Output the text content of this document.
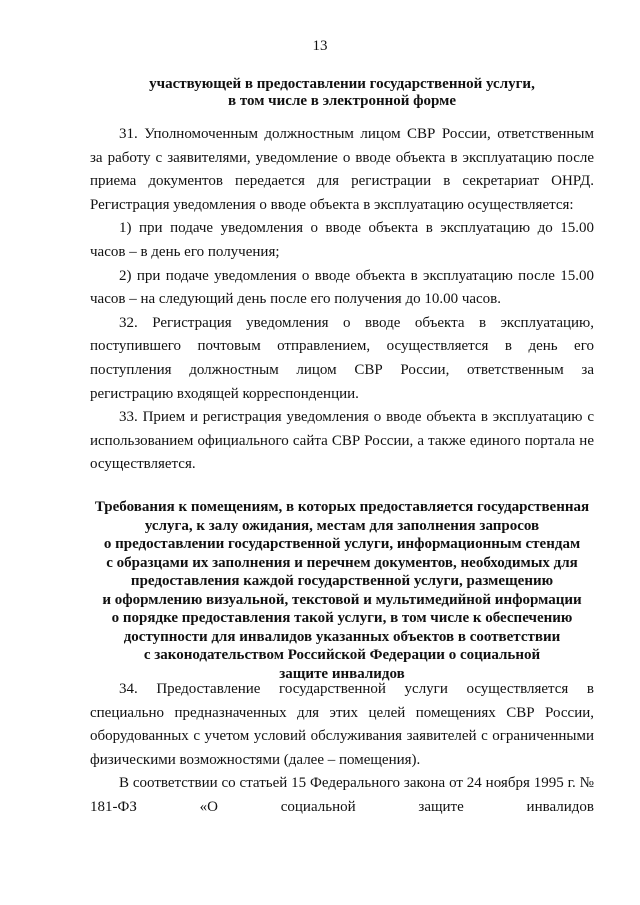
13
участвующей в предоставлении государственной услуги,
в том числе в электронной форме

31. Уполномоченным должностным лицом СВР России, ответственным за работу с заявителями, уведомление о вводе объекта в эксплуатацию после приема документов передается для регистрации в секретариат ОНРД. Регистрация уведомления о вводе объекта в эксплуатацию осуществляется:

1) при подаче уведомления о вводе объекта в эксплуатацию до 15.00 часов – в день его получения;

2) при подаче уведомления о вводе объекта в эксплуатацию после 15.00 часов – на следующий день после его получения до 10.00 часов.

32. Регистрация уведомления о вводе объекта в эксплуатацию, поступившего почтовым отправлением, осуществляется в день его поступления должностным лицом СВР России, ответственным за регистрацию входящей корреспонденции.

33. Прием и регистрация уведомления о вводе объекта в эксплуатацию с использованием официального сайта СВР России, а также единого портала не осуществляется.

Требования к помещениям, в которых предоставляется государственная
услуга, к залу ожидания, местам для заполнения запросов
о предоставлении государственной услуги, информационным стендам
с образцами их заполнения и перечнем документов, необходимых для
предоставления каждой государственной услуги, размещению
и оформлению визуальной, текстовой и мультимедийной информации
о порядке предоставления такой услуги, в том числе к обеспечению
доступности для инвалидов указанных объектов в соответствии
с законодательством Российской Федерации о социальной
защите инвалидов

34. Предоставление государственной услуги осуществляется в специально предназначенных для этих целей помещениях СВР России, оборудованных с учетом условий обслуживания заявителей с ограниченными физическими возможностями (далее – помещения).

В соответствии со статьей 15 Федерального закона от 24 ноября 1995 г. № 181-ФЗ «О социальной защите инвалидов
